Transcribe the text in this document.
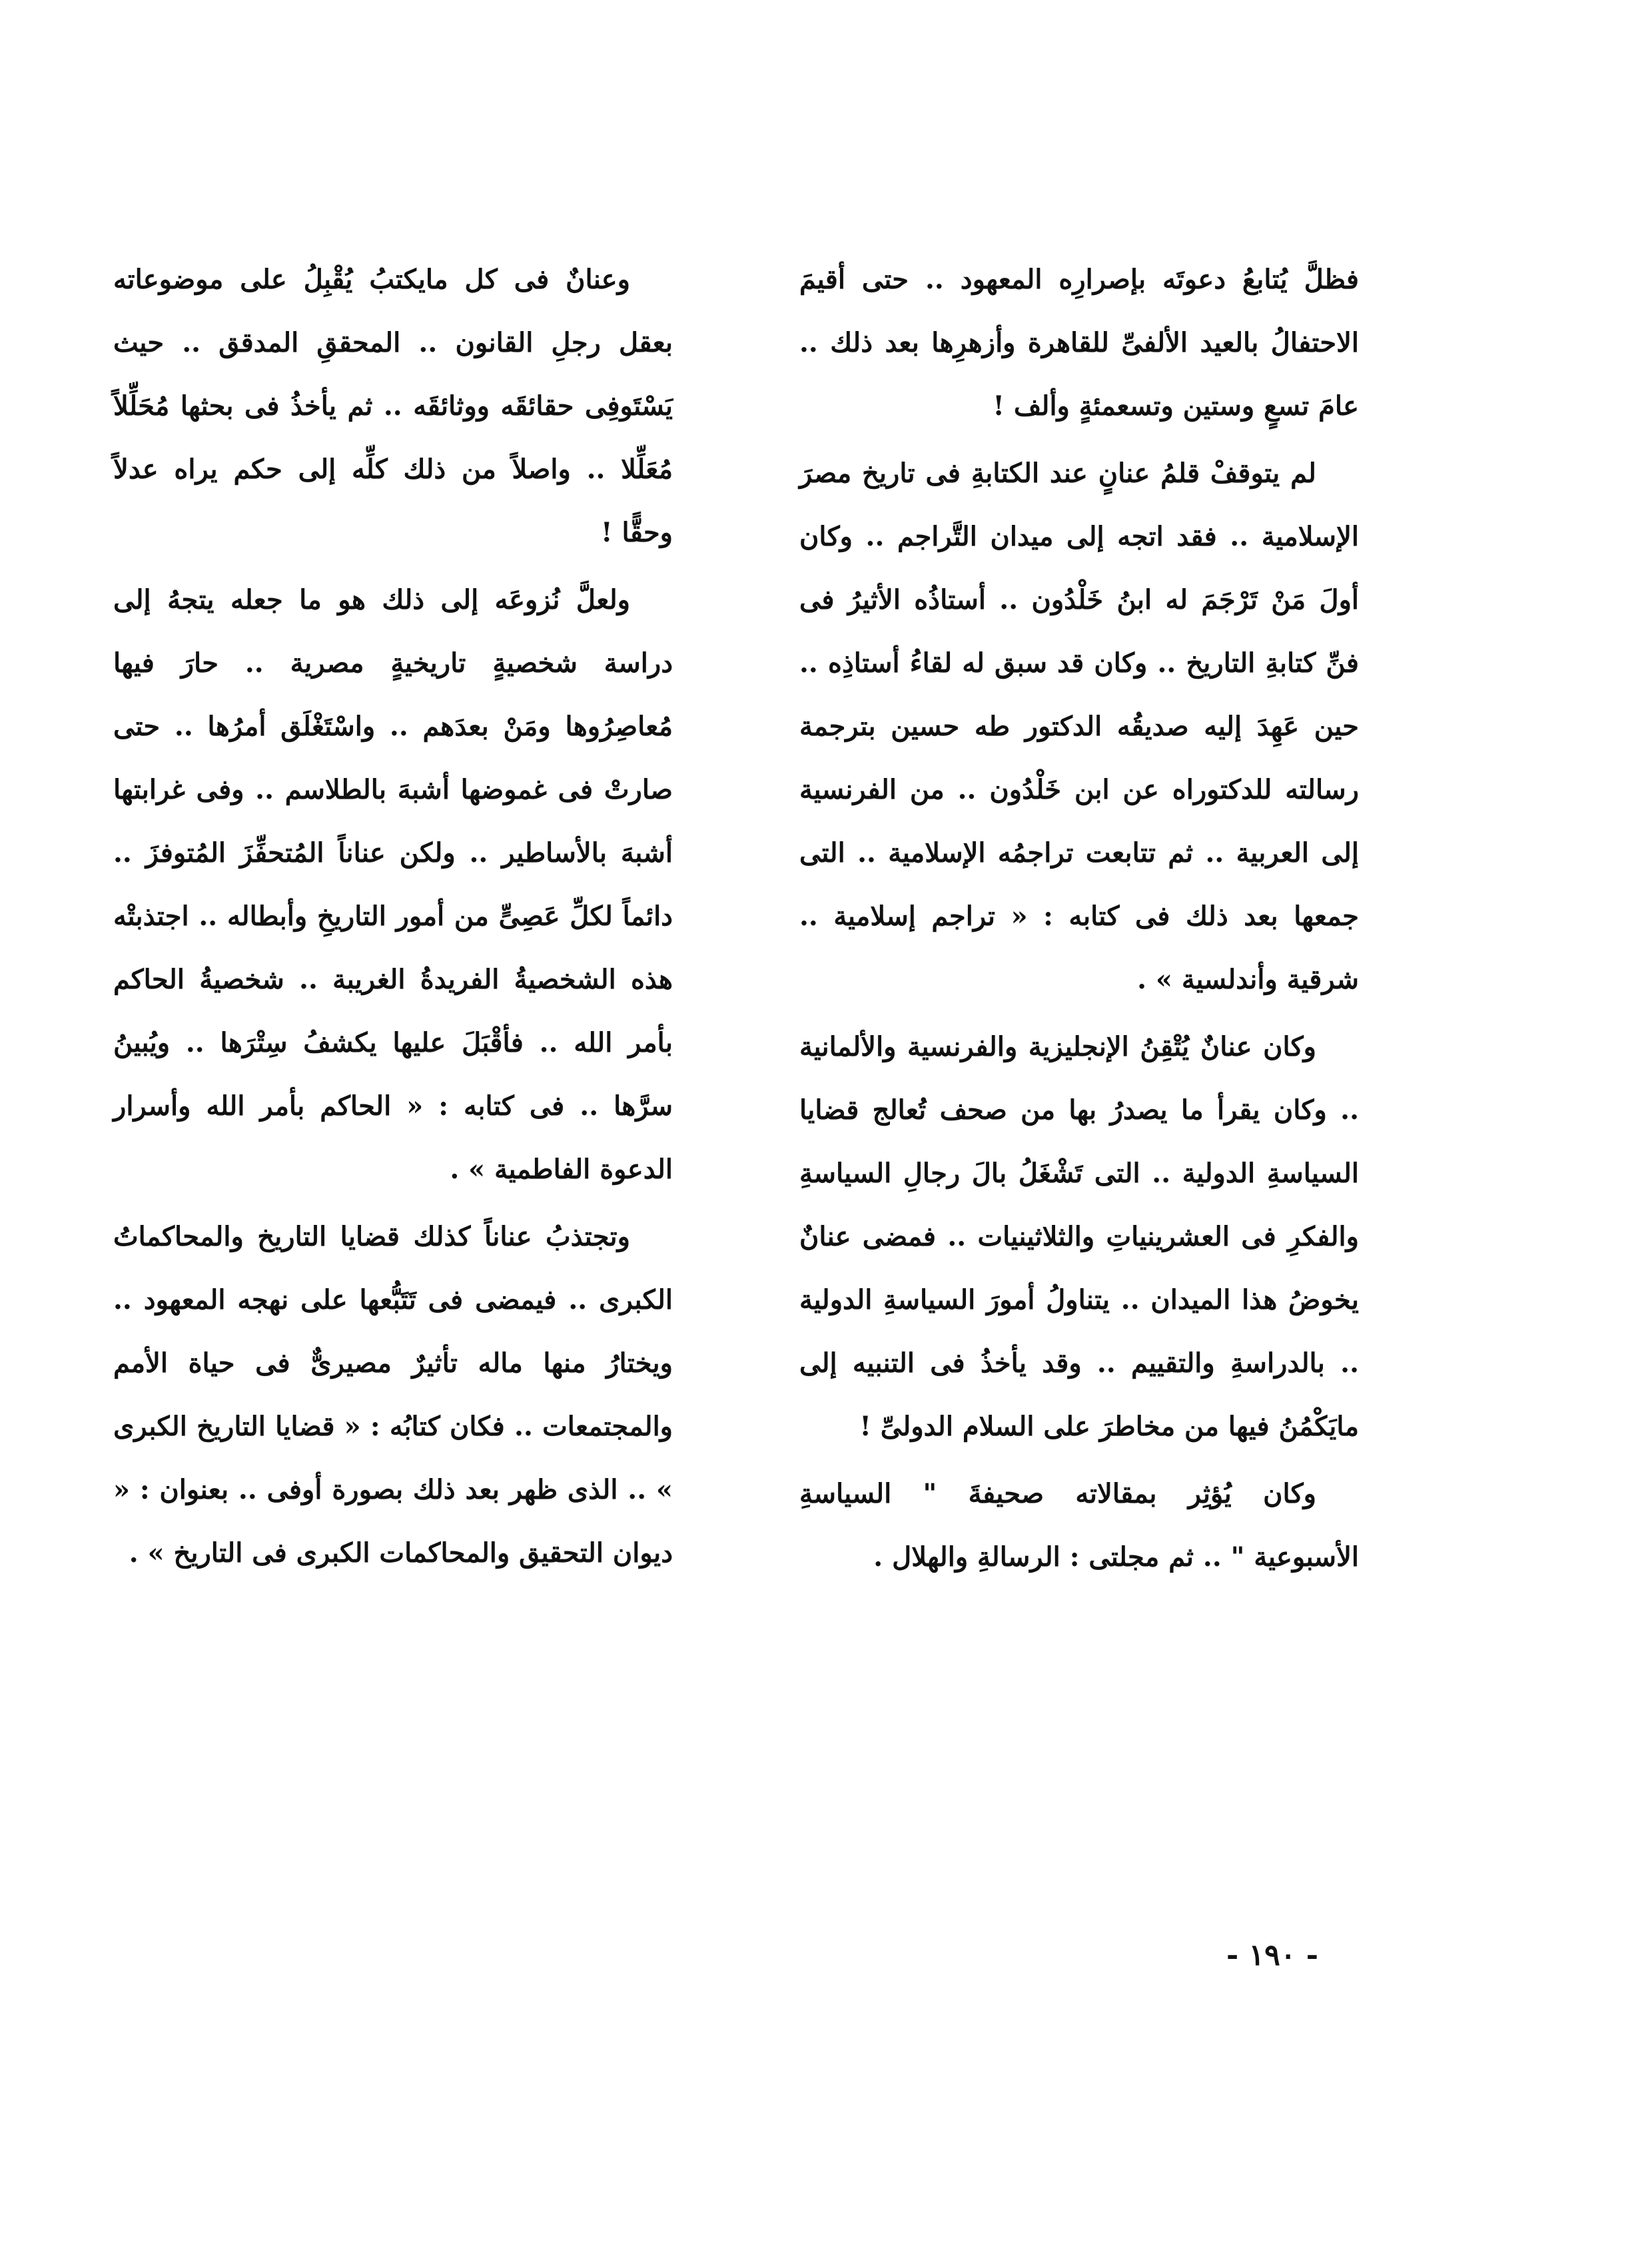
فظلَّ يُتابعُ دعوتَه بإصرارِه المعهود .. حتى أقيمَ الاحتفالُ بالعيد الألفىِّ للقاهرة وأزهرِها بعد ذلك .. عامَ تسعٍ وستين وتسعمئةٍ وألف !

لم يتوقفْ قلمُ عنانٍ عند الكتابةِ فى تاريخ مصرَ الإسلامية .. فقد اتجه إلى ميدان التَّراجم .. وكان أولَ مَنْ تَرْجَمَ له ابنُ خَلْدُون .. أستاذُه الأثيرُ فى فنِّ كتابةِ التاريخ .. وكان قد سبق له لقاءُ أستاذِه .. حين عَهِدَ إليه صديقُه الدكتور طه حسين بترجمة رسالته للدكتوراه عن ابن خَلْدُون .. من الفرنسية إلى العربية .. ثم تتابعت تراجمُه الإسلامية .. التى جمعها بعد ذلك فى كتابه : « تراجم إسلامية .. شرقية وأندلسية » .

وكان عنانٌ يُتْقِنُ الإنجليزية والفرنسية والألمانية .. وكان يقرأ ما يصدرُ بها من صحف تُعالج قضايا السياسةِ الدولية .. التى تَشْغَلُ بالَ رجالِ السياسةِ والفكرِ فى العشرينياتِ والثلاثينيات .. فمضى عنانٌ يخوضُ هذا الميدان .. يتناولُ أمورَ السياسةِ الدولية .. بالدراسةِ والتقييم .. وقد يأخذُ فى التنبيه إلى مايَكْمُنُ فيها من مخاطرَ على السلام الدولىِّ !

وكان يُؤثِر بمقالاته صحيفةَ " السياسةِ الأسبوعية " .. ثم مجلتى : الرسالةِ والهلال .

وعنانٌ فى كل مايكتبُ يُقْبِلُ على موضوعاته بعقل رجلِ القانون .. المحققِ المدقق .. حيث يَسْتَوفِى حقائقَه ووثائقَه .. ثم يأخذُ فى بحثها مُحَلِّلاً مُعَلِّلا .. واصلاً من ذلك كلِّه إلى حكم يراه عدلاً وحقًّا !

ولعلَّ نُزوعَه إلى ذلك هو ما جعله يتجهُ إلى دراسة شخصيةٍ تاريخيةٍ مصرية .. حارَ فيها مُعاصِرُوها ومَنْ بعدَهم .. واسْتَغْلَق أمرُها .. حتى صارتْ فى غموضها أشبهَ بالطلاسم .. وفى غرابتها أشبهَ بالأساطير .. ولكن عناناً المُتحفِّزَ المُتوفزَ .. دائماً لكلِّ عَصِىٍّ من أمور التاريخِ وأبطاله .. اجتذبتْه هذه الشخصيةُ الفريدةُ الغريبة .. شخصيةُ الحاكم بأمر الله .. فأقْبَلَ عليها يكشفُ سِتْرَها .. ويُبينُ سرَّها .. فى كتابه : « الحاكم بأمر الله وأسرار الدعوة الفاطمية » .

وتجتذبُ عناناً كذلك قضايا التاريخ والمحاكماتُ الكبرى .. فيمضى فى تَتَبُّعها على نهجه المعهود .. ويختارُ منها ماله تأثيرٌ مصيرىٌّ فى حياة الأمم والمجتمعات .. فكان كتابُه : « قضايا التاريخ الكبرى » .. الذى ظهر بعد ذلك بصورة أوفى .. بعنوان : « ديوان التحقيق والمحاكمات الكبرى فى التاريخ » .

- ١٩٠ -
